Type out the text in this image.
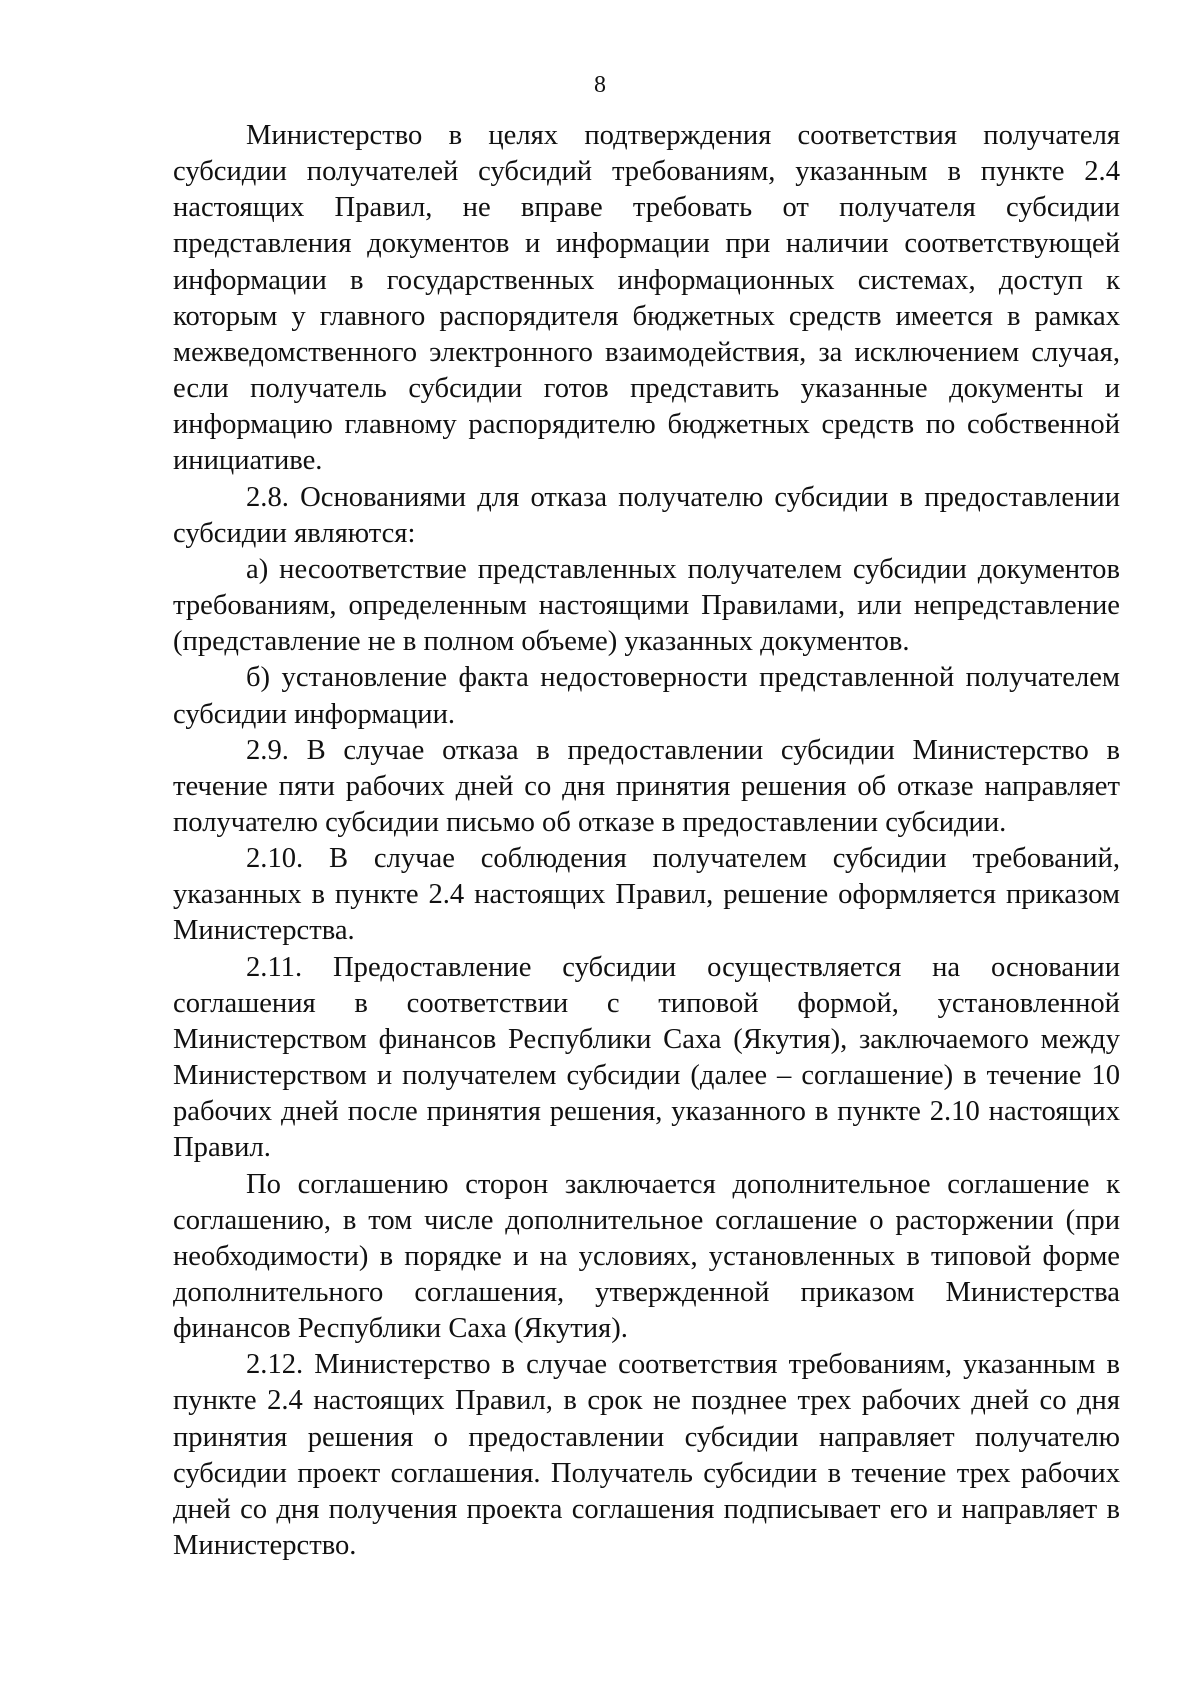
8

Министерство в целях подтверждения соответствия получателя субсидии получателей субсидий требованиям, указанным в пункте 2.4 настоящих Правил, не вправе требовать от получателя субсидии представления документов и информации при наличии соответствующей информации в государственных информационных системах, доступ к которым у главного распорядителя бюджетных средств имеется в рамках межведомственного электронного взаимодействия, за исключением случая, если получатель субсидии готов представить указанные документы и информацию главному распорядителю бюджетных средств по собственной инициативе.

2.8. Основаниями для отказа получателю субсидии в предоставлении субсидии являются:

а) несоответствие представленных получателем субсидии документов требованиям, определенным настоящими Правилами, или непредставление (представление не в полном объеме) указанных документов.

б) установление факта недостоверности представленной получателем субсидии информации.

2.9. В случае отказа в предоставлении субсидии Министерство в течение пяти рабочих дней со дня принятия решения об отказе направляет получателю субсидии письмо об отказе в предоставлении субсидии.

2.10. В случае соблюдения получателем субсидии требований, указанных в пункте 2.4 настоящих Правил, решение оформляется приказом Министерства.

2.11. Предоставление субсидии осуществляется на основании соглашения в соответствии с типовой формой, установленной Министерством финансов Республики Саха (Якутия), заключаемого между Министерством и получателем субсидии (далее – соглашение) в течение 10 рабочих дней после принятия решения, указанного в пункте 2.10 настоящих Правил.

По соглашению сторон заключается дополнительное соглашение к соглашению, в том числе дополнительное соглашение о расторжении (при необходимости) в порядке и на условиях, установленных в типовой форме дополнительного соглашения, утвержденной приказом Министерства финансов Республики Саха (Якутия).

2.12. Министерство в случае соответствия требованиям, указанным в пункте 2.4 настоящих Правил, в срок не позднее трех рабочих дней со дня принятия решения о предоставлении субсидии направляет получателю субсидии проект соглашения. Получатель субсидии в течение трех рабочих дней со дня получения проекта соглашения подписывает его и направляет в Министерство.
